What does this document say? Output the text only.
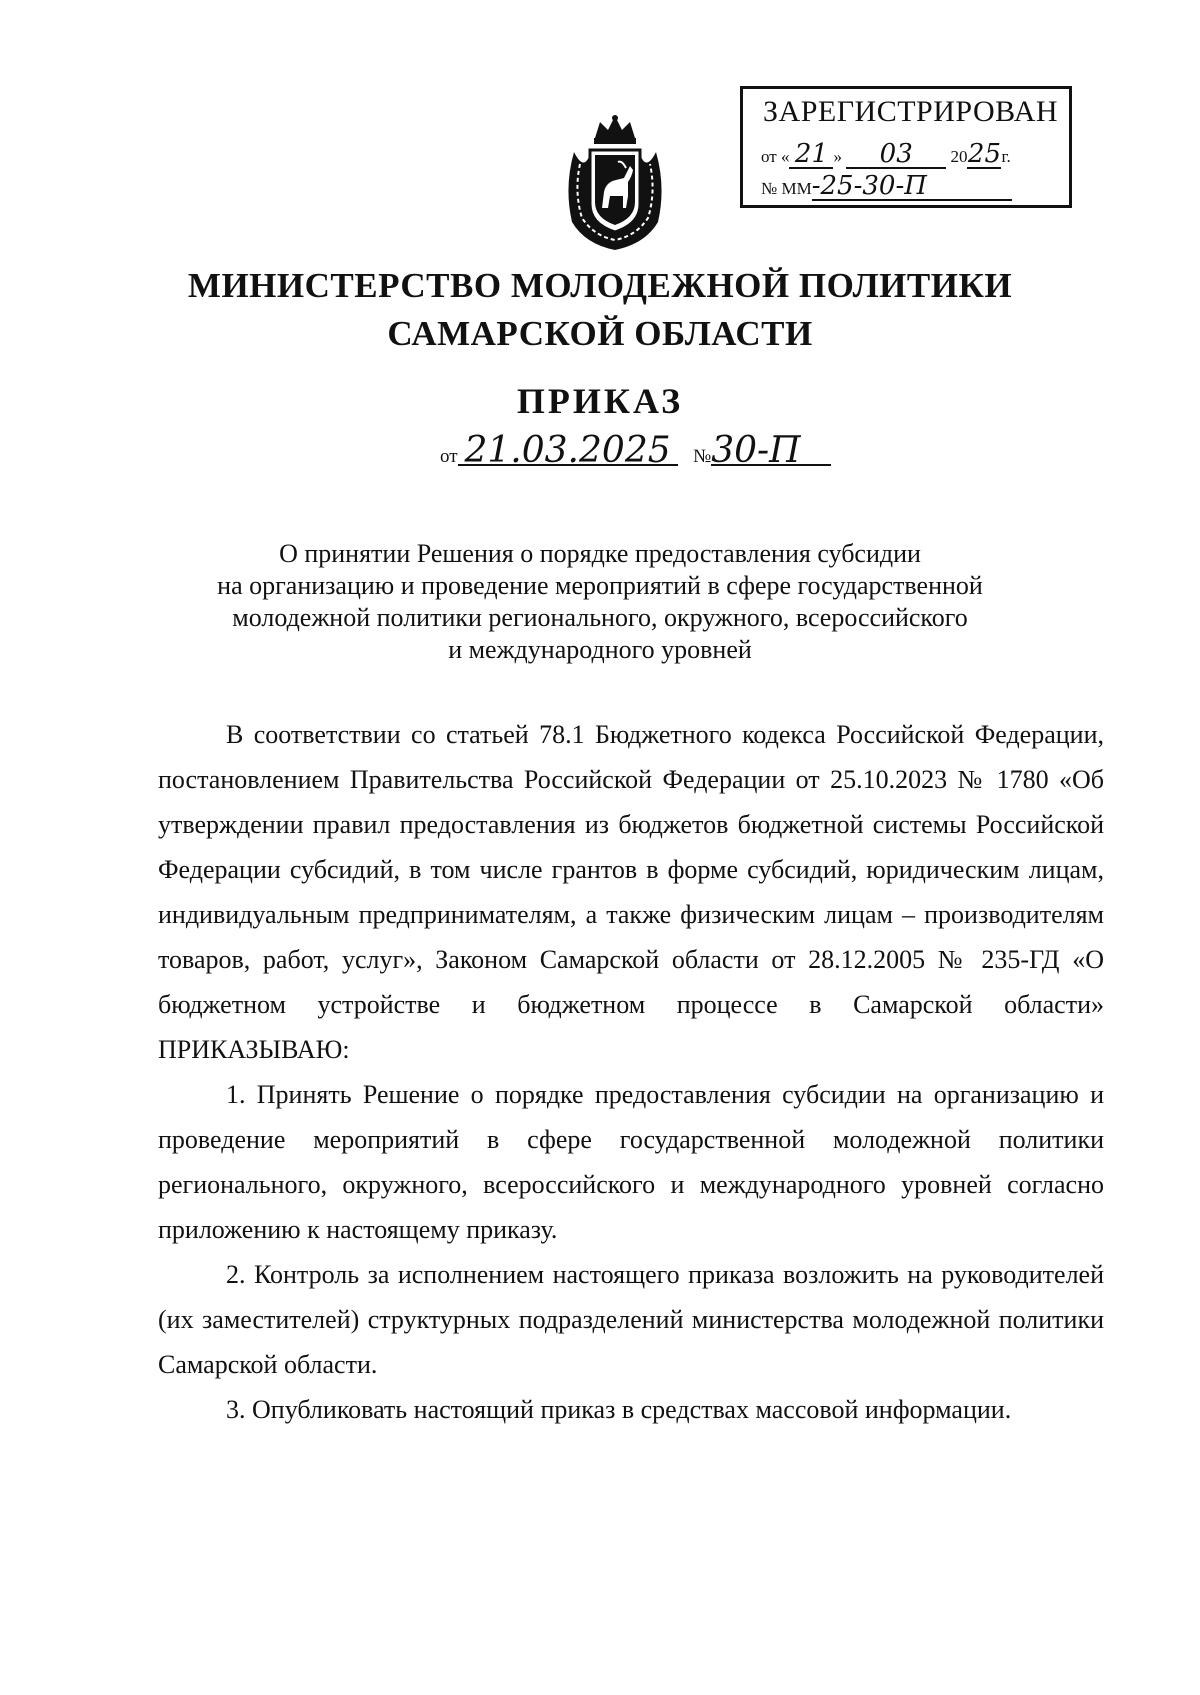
ЗАРЕГИСТРИРОВАН
от « 21 » 03 2025г.
№ ММ-25-30-П
МИНИСТЕРСТВО МОЛОДЕЖНОЙ ПОЛИТИКИ
САМАРСКОЙ ОБЛАСТИ
ПРИКАЗ
от 21.03.2025 №30-П
О принятии Решения о порядке предоставления субсидии
на организацию и проведение мероприятий в сфере государственной
молодежной политики регионального, окружного, всероссийского
и международного уровней

В соответствии со статьей 78.1 Бюджетного кодекса Российской Федерации, постановлением Правительства Российской Федерации от 25.10.2023 № 1780 «Об утверждении правил предоставления из бюджетов бюджетной системы Российской Федерации субсидий, в том числе грантов в форме субсидий, юридическим лицам, индивидуальным предпринимателям, а также физическим лицам – производителям товаров, работ, услуг», Законом Самарской области от 28.12.2005 № 235-ГД «О бюджетном устройстве и бюджетном процессе в Самарской области» ПРИКАЗЫВАЮ:

1. Принять Решение о порядке предоставления субсидии на организацию и проведение мероприятий в сфере государственной молодежной политики регионального, окружного, всероссийского и международного уровней согласно приложению к настоящему приказу.

2. Контроль за исполнением настоящего приказа возложить на руководителей (их заместителей) структурных подразделений министерства молодежной политики Самарской области.

3. Опубликовать настоящий приказ в средствах массовой информации.
